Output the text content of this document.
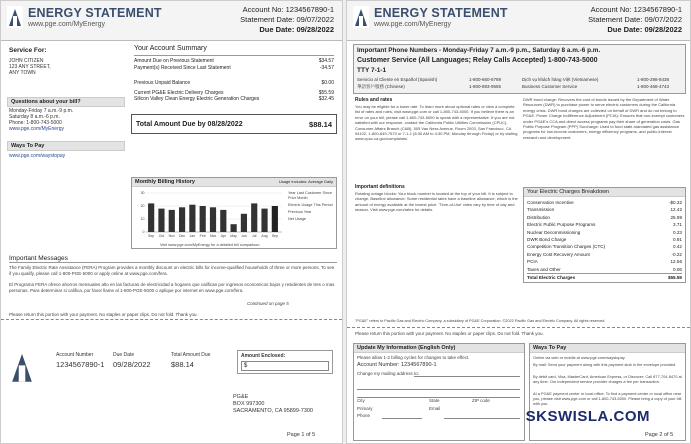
ENERGY STATEMENT
www.pge.com/MyEnergy
Account No: 1234567890-1
Statement Date: 09/07/2022
Due Date: 09/28/2022
Service For:
JOHN CITIZEN
123 ANY STREET,
ANY TOWN
Questions about your bill?
Monday-Friday 7 a.m.-9 p.m.
Saturday 8 a.m.-6 p.m.
Phone: 1-800-743-5000
www.pge.com/MyEnergy
Ways To Pay
www.pge.com/waystopay
Your Account Summary
Amount Due on Previous Statement	$34.57
Payment(s) Received Since Last Statement	-34.57
Previous Unpaid Balance	$0.00
Current PG&E Electric Delivery Charges	$55.59
Silicon Valley Clean Energy Electric Generation Charges	$32.45
Total Amount Due by 08/28/2022	$88.14
Monthly Billing History	Usage includes: Average Daily
Sep Oct Nov Dec Jan Feb Mar Apr May Jun Jul Aug Sep
0
10
20
30	Year Last Customer Since Prior Month
Electric Usage This Period
Previous Year
Net Usage
Visit www.pge.com/MyEnergy for a detailed bill comparison.
Important Messages
The Family Electric Rate Assistance (FERA) Program provides a monthly discount on electric bills for income-qualified households of three or more persons. To see if you qualify, please call 1-800-PGE-5000 or apply online at www.pge.com/fera.
El Programa FERA ofrece ahorros mensuales alto en las facturas de electricidad a hogares que califican por ingresos economicos bajos y residentes de tres o mas personas. Para determinar si califica, por favor llame al 1-800-PGE-5000 o aplique por internet en www.pge.com/fera.
Continued on page 5
Please return this portion with your payment. No staples or paper clips. Do not fold. Thank you.
Account Number
1234567890-1
Due Date
09/28/2022
Total Amount Due
$88.14
Amount Enclosed:
$
PG&E
BOX 997300
SACRAMENTO, CA 95899-7300
Page 1 of 5
ENERGY STATEMENT
www.pge.com/MyEnergy
Account No: 1234567890-1
Statement Date: 09/07/2022
Due Date: 09/28/2022
Important Phone Numbers - Monday-Friday 7 a.m.-9 p.m., Saturday 8 a.m.-6 p.m.
Customer Service (All Languages; Relay Calls Accepted) 1-800-743-5000
TTY 7-1-1
Servicio al Cliente en Español (Spanish)	1-800-660-6789	Dịch vụ khách hàng Việt (Vietnamese)	1-800-298-8438
華語客戶服務 (Chinese)	1-800-893-9555	Business Customer Service	1-800-468-4743
Rules and rates
You may be eligible for a lower rate. To learn more about optional rates or view a complete list of rates and rules, visit www.pge.com or call 1-800-743-5000. If you believe there is an error on your bill, please call 1-800-743-5000 to speak with a representative. If you are not satisfied with our response, contact the California Public Utilities Commission (CPUC), Consumer Affairs Branch (CAB), 505 Van Ness Avenue, Room 2003, San Francisco, CA 94102, 1-800-649-7570 or 7-1-1 (8:30 AM to 4:30 PM, Monday through Friday) or by visiting www.cpuc.ca.gov/complaints/.
Important definitions
Rotating outage blocks: Your block number is located at the top of your bill. It is subject to change. Baseline allowance: Some residential rates have a baseline allowance, which is the amount of energy available at the lowest price. 'Time-of-Use' rates vary by time of day and season. Visit www.pge.com/rates for details.
DWR bond charge: Recovers the cost of bonds issued by the Department of Water Resources (DWR) to purchase power to serve electric customers during the California energy crisis. DWR bond charges are collected on behalf of DWR and do not belong to PG&E. Power Charge Indifference Adjustment (PCIA): Ensures that non-exempt customers under PG&E's CCA and direct access programs pay their share of generation costs. Gas Public Purpose Program (PPP) Surcharge: Used to fund state-mandated gas assistance programs for low-income customers, energy efficiency programs, and public-interest research and development.
Your Electric Charges Breakdown
Conservation Incentive	-$0.32
Transmission	12.42
Distribution	25.99
Electric Public Purpose Programs	3.71
Nuclear Decommissioning	0.23
DWR Bond Charge	0.91
Competition Transition Charges (CTC)	0.42
Energy Cost Recovery Amount	-0.22
PCIA	12.56
Taxes and Other	0.06
Total Electric Charges	$55.59
"PG&E" refers to Pacific Gas and Electric Company, a subsidiary of PG&E Corporation. ©2022 Pacific Gas and Electric Company. All rights reserved.
Please return this portion with your payment. No staples or paper clips. Do not fold. Thank you.
Update My Information (English Only)
Please allow 1-2 billing cycles for changes to take effect.
Account Number: 1234567890-1
Change my mailing address to:
City	State	ZIP code
Primary	Email
Phone
Ways To Pay
Online via web or mobile at www.pge.com/waystopay
By mail: Send your payment along with this payment stub in the envelope provided.
By debit card, Visa, MasterCard, American Express, or Discover: Call 877-704-8470 at any time. Our independent service provider charges a fee per transaction.
At a PG&E payment center or local office. To find a payment center or local office near you, please visit www.pge.com or call 1-800-743-5000. Please bring a copy of your bill with you.
SKSWISLA.COM
Page 2 of 5
